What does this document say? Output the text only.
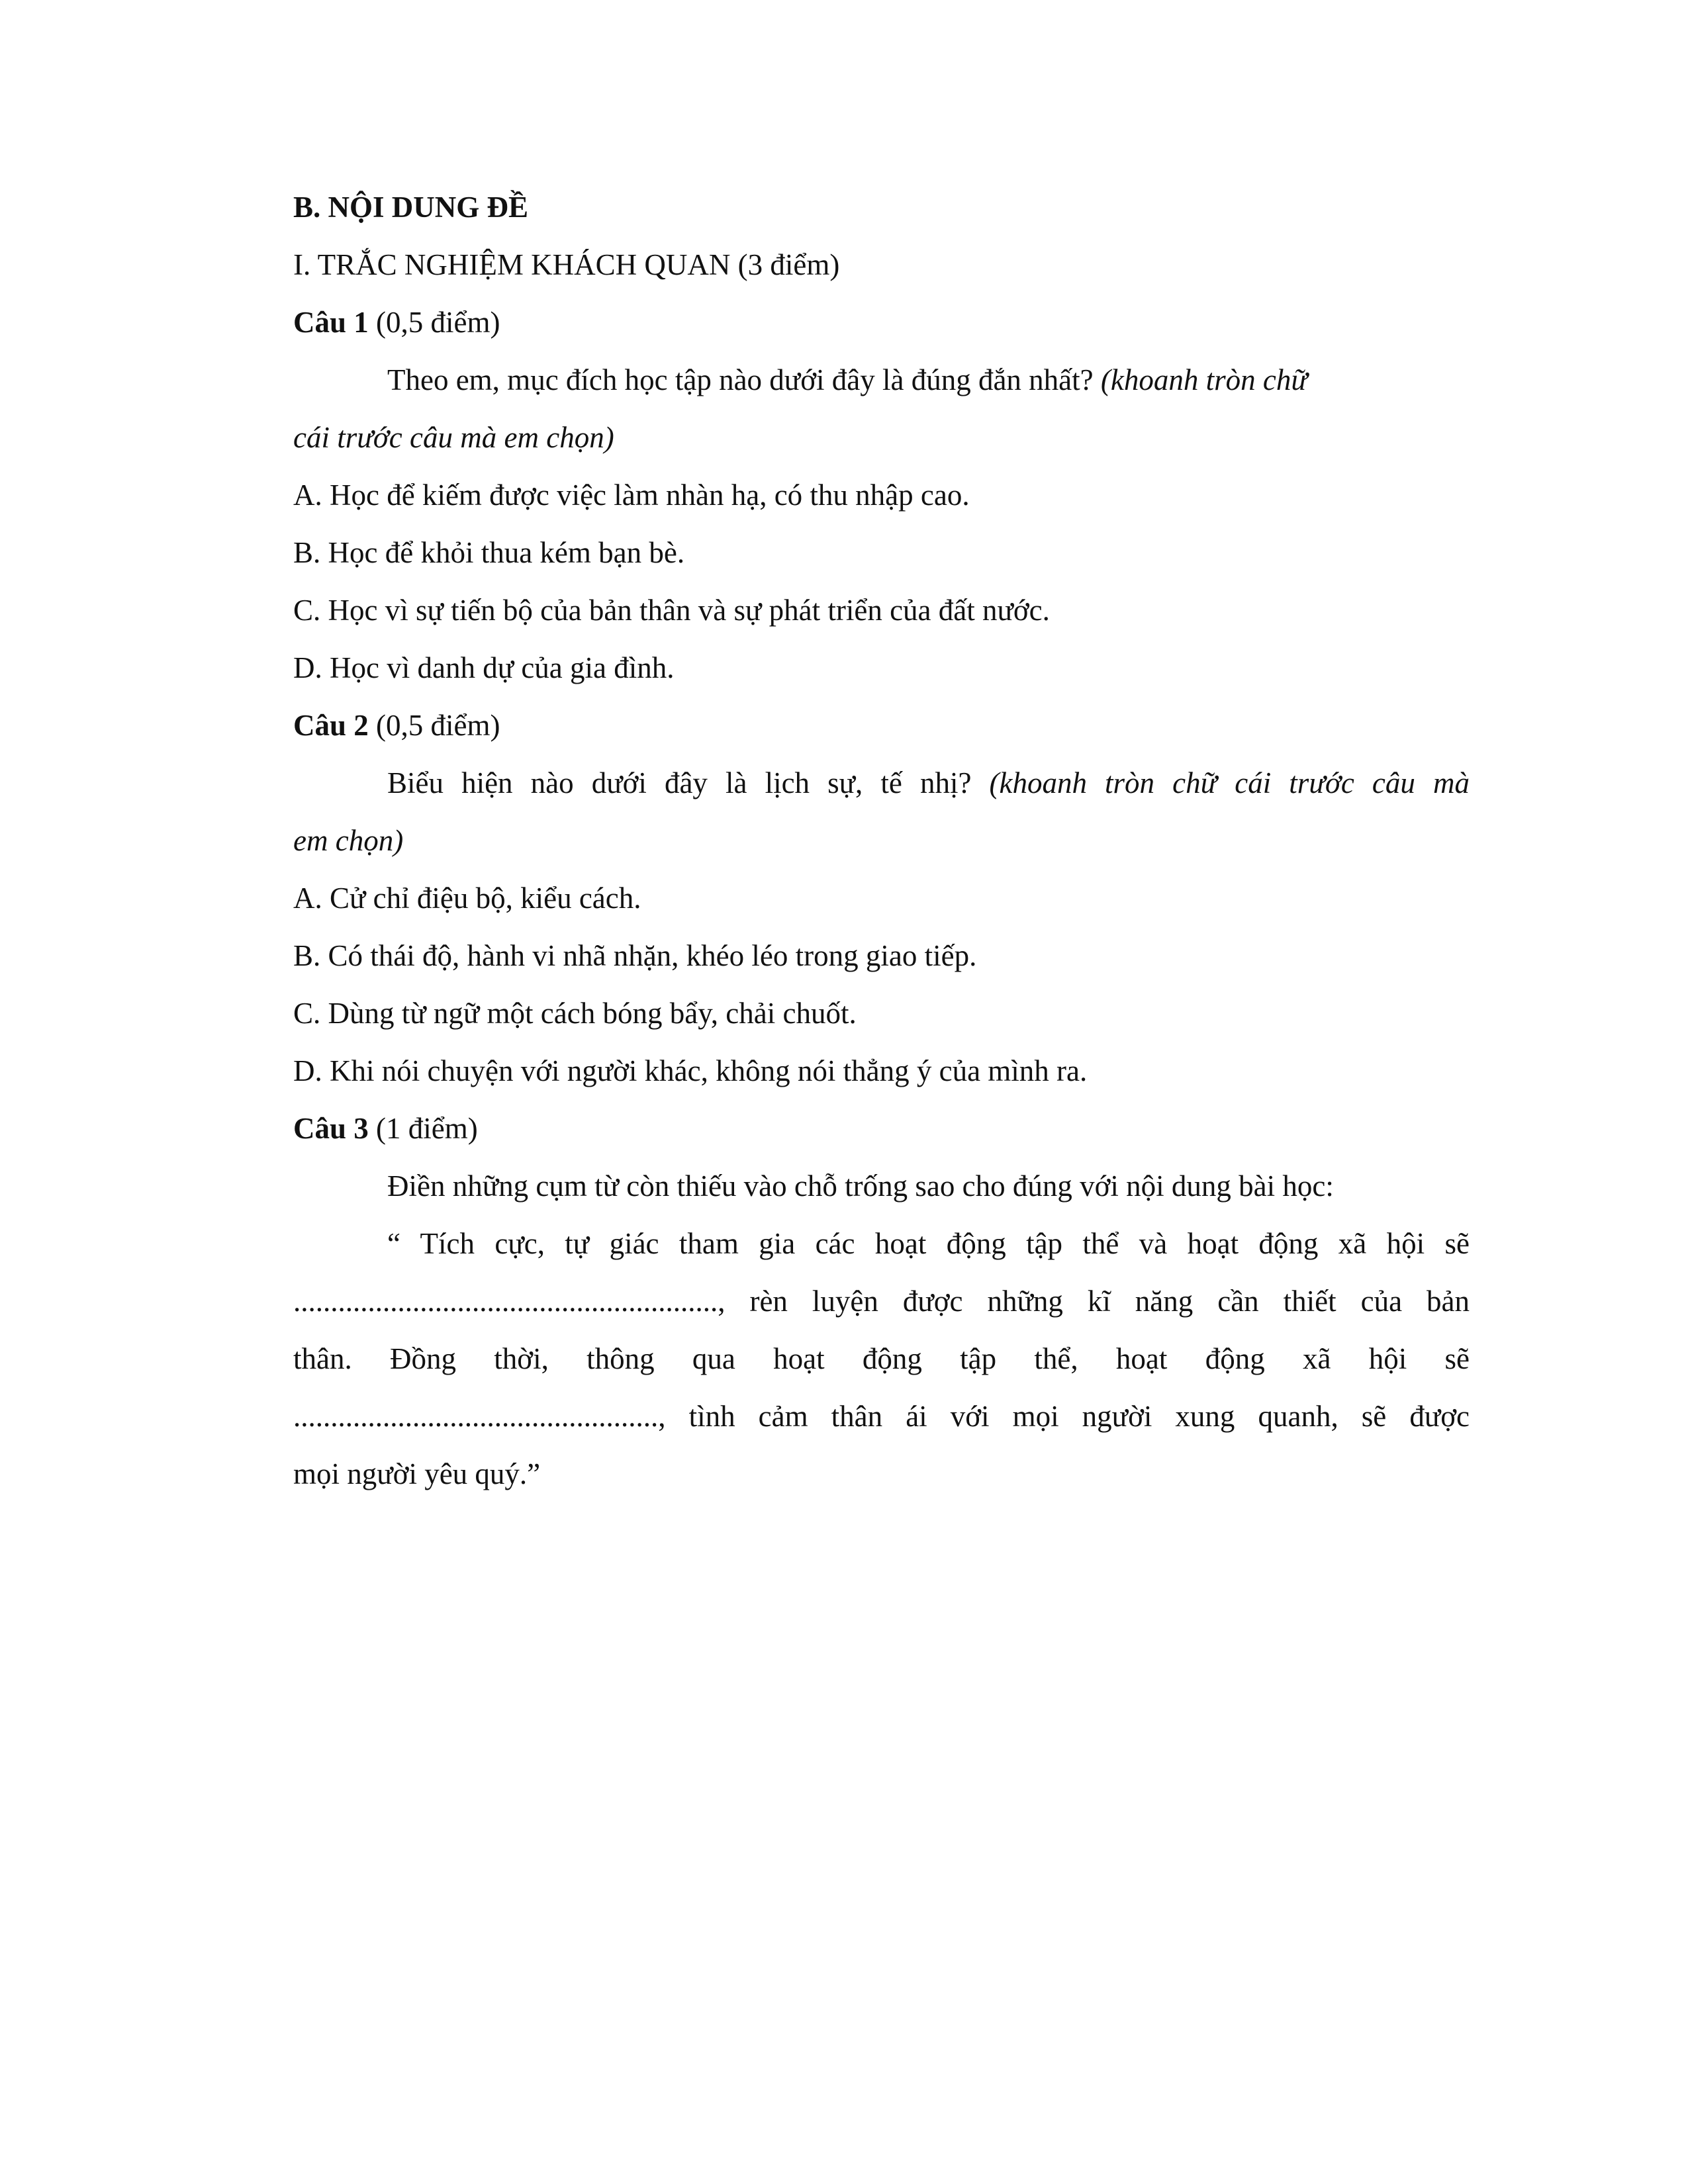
B. NỘI DUNG ĐỀ

I. TRẮC NGHIỆM KHÁCH QUAN (3 điểm)

Câu 1 (0,5 điểm)

Theo em, mục đích học tập nào dưới đây là đúng đắn nhất? (khoanh tròn chữ

cái trước câu mà em chọn)

A. Học để kiếm được việc làm nhàn hạ, có thu nhập cao.

B. Học để khỏi thua kém bạn bè.

C. Học vì sự tiến bộ của bản thân và sự phát triển của đất nước.

D. Học vì danh dự của gia đình.

Câu 2 (0,5 điểm)

Biểu hiện nào dưới đây là lịch sự, tế nhị? (khoanh tròn chữ cái trước câu mà

em chọn)

A. Cử chỉ điệu bộ, kiểu cách.

B. Có thái độ, hành vi nhã nhặn, khéo léo trong giao tiếp.

C. Dùng từ ngữ một cách bóng bẩy, chải chuốt.

D. Khi nói chuyện với người khác, không nói thẳng ý của mình ra.

Câu 3 (1 điểm)

Điền những cụm từ còn thiếu vào chỗ trống sao cho đúng với nội dung bài học:

“ Tích cực, tự giác tham gia các hoạt động tập thể và hoạt động xã hội sẽ

........................................................., rèn luyện được những kĩ năng cần thiết của bản

thân. Đồng thời, thông qua hoạt động tập thể, hoạt động xã hội sẽ

................................................., tình cảm thân ái với mọi người xung quanh, sẽ được

mọi người yêu quý.”
